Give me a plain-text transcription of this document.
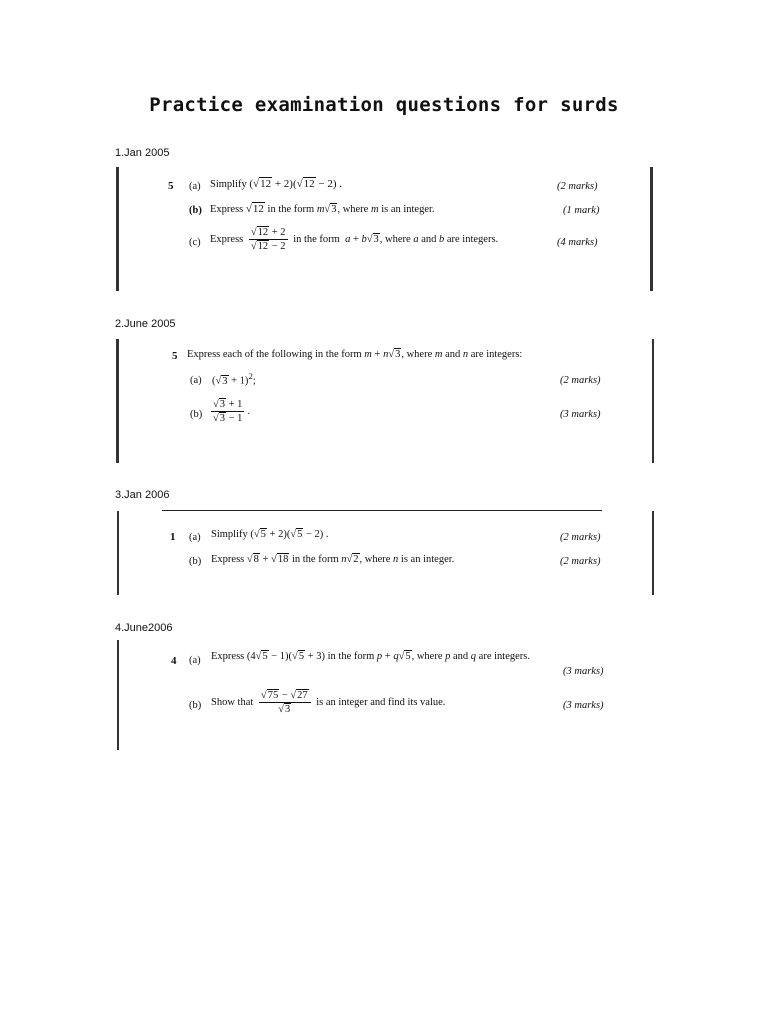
Practice examination questions for surds
1.Jan 2005
5 (a) Simplify (√12 + 2)(√12 − 2) .	(2 marks)
(b) Express √12 in the form m√3, where m is an integer.	(1 mark)
(c) Express $\frac{√12 + 2}{√12 - 2}$ in the form a + b√3, where a and b are integers.	(4 marks)
2.June 2005
5 Express each of the following in the form m + n√3, where m and n are integers:
(a) $(√3 + 1)^2$;	(2 marks)
$(b) \frac{√3 + 1}{√3 - 1}$ .	(3 marks)
3.Jan 2006
1 (a) Simplify (√5 + 2)(√5 − 2) .	(2 marks)
(b) Express √8 + √18 in the form n√2, where n is an integer.	(2 marks)
4.June2006
4 (a) Express (4√5 − 1)(√5 + 3) in the form p + q√5, where p and q are integers.
(3 marks)
(b) Show that $\frac{√75 - √27}{√3}$ is an integer and find its value.	(3 marks)
